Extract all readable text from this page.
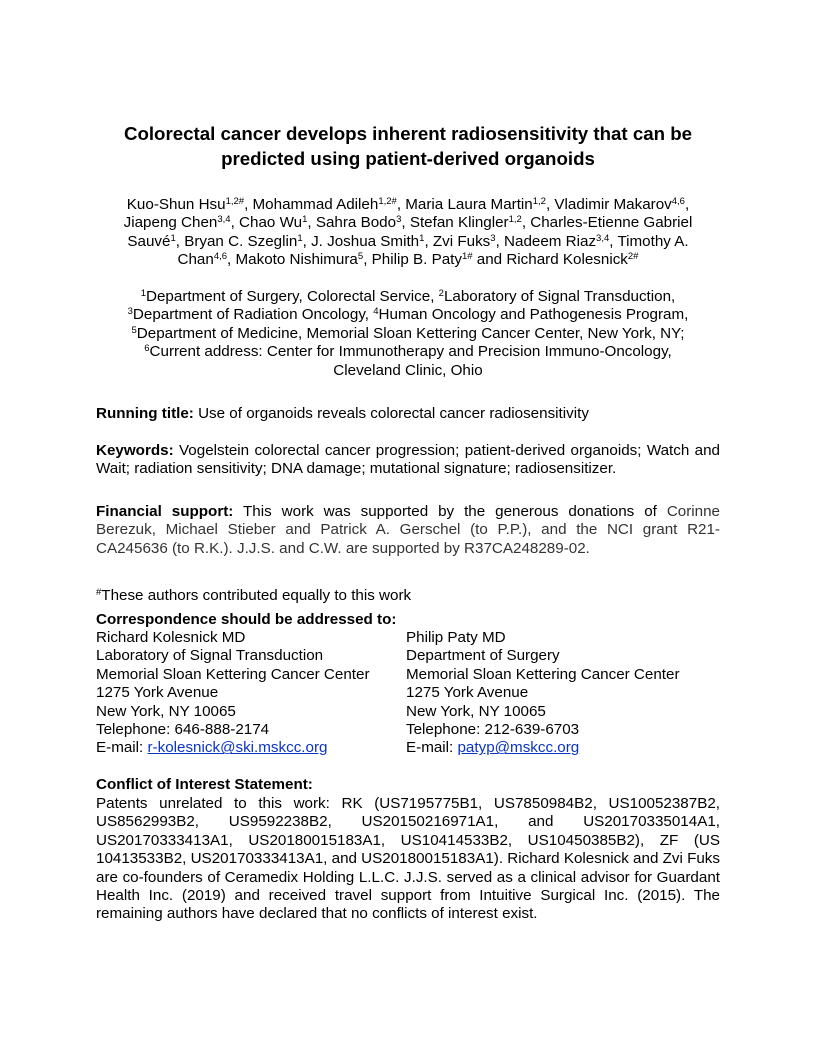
Colorectal cancer develops inherent radiosensitivity that can be
predicted using patient-derived organoids
Kuo-Shun Hsu$^{1,2\#}$, Mohammad Adileh$^{1,2\#}$, Maria Laura Martin$^{1,2}$, Vladimir Makarov$^{4,6}$,
Jiapeng Chen$^{3,4}$, Chao Wu$^1$, Sahra Bodo$^3$, Stefan Klingler$^{1,2}$, Charles-Etienne Gabriel
Sauvé$^1$, Bryan C. Szeglin$^1$, J. Joshua Smith$^1$, Zvi Fuks$^3$, Nadeem Riaz$^{3,4}$, Timothy A.
Chan$^{4,6}$, Makoto Nishimura$^5$, Philip B. Paty$^{1\#}$ and Richard Kolesnick$^{2\#}$
$^1$Department of Surgery, Colorectal Service, $^2$Laboratory of Signal Transduction,
$^3$Department of Radiation Oncology, $^4$Human Oncology and Pathogenesis Program,
$^5$Department of Medicine, Memorial Sloan Kettering Cancer Center, New York, NY;
$^6$Current address: Center for Immunotherapy and Precision Immuno-Oncology,
Cleveland Clinic, Ohio
Running title: Use of organoids reveals colorectal cancer radiosensitivity
Keywords: Vogelstein colorectal cancer progression; patient-derived organoids; Watch and Wait; radiation sensitivity; DNA damage; mutational signature; radiosensitizer.
Financial support: This work was supported by the generous donations of Corinne Berezuk, Michael Stieber and Patrick A. Gerschel (to P.P.), and the NCI grant R21-CA245636 (to R.K.). J.J.S. and C.W. are supported by R37CA248289-02.
#These authors contributed equally to this work
Correspondence should be addressed to:
Richard Kolesnick MD
Laboratory of Signal Transduction
Memorial Sloan Kettering Cancer Center
1275 York Avenue
New York, NY 10065
Telephone: 646-888-2174
E-mail: r-kolesnick@ski.mskcc.org
Philip Paty MD
Department of Surgery
Memorial Sloan Kettering Cancer Center
1275 York Avenue
New York, NY 10065
Telephone: 212-639-6703
E-mail: patyp@mskcc.org
Conflict of Interest Statement:
Patents unrelated to this work: RK (US7195775B1, US7850984B2, US10052387B2, US8562993B2, US9592238B2, US20150216971A1, and US20170335014A1, US20170333413A1, US20180015183A1, US10414533B2, US10450385B2), ZF (US 10413533B2, US20170333413A1, and US20180015183A1). Richard Kolesnick and Zvi Fuks are co-founders of Ceramedix Holding L.L.C. J.J.S. served as a clinical advisor for Guardant Health Inc. (2019) and received travel support from Intuitive Surgical Inc. (2015). The remaining authors have declared that no conflicts of interest exist.
